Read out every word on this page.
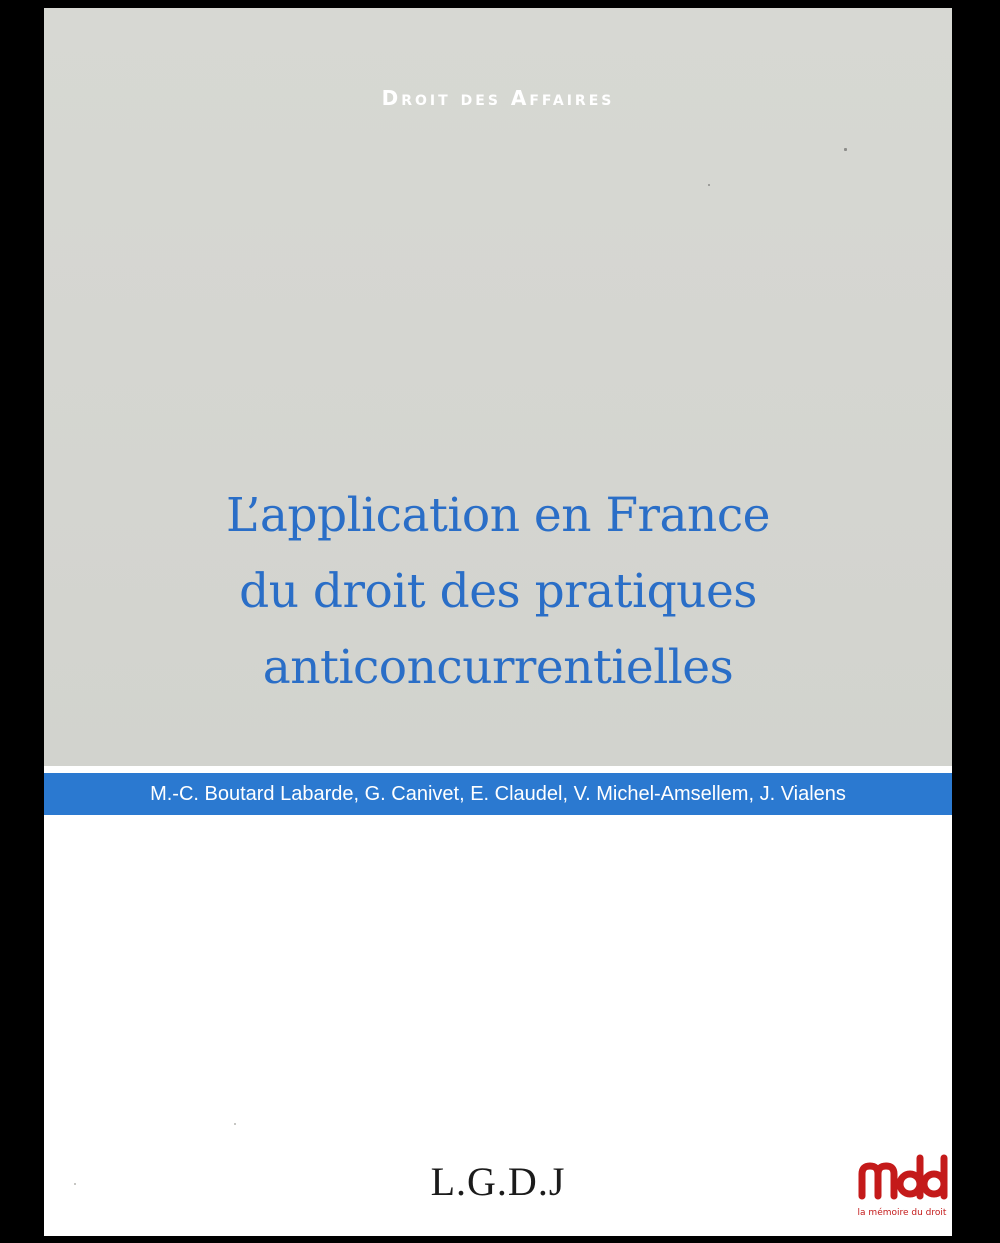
Droit des Affaires
L’application en France
du droit des pratiques
anticoncurrentielles
M.-C. Boutard Labarde, G. Canivet, E. Claudel, V. Michel-Amsellem, J. Vialens
L.G.D.J
la mémoire du droit
